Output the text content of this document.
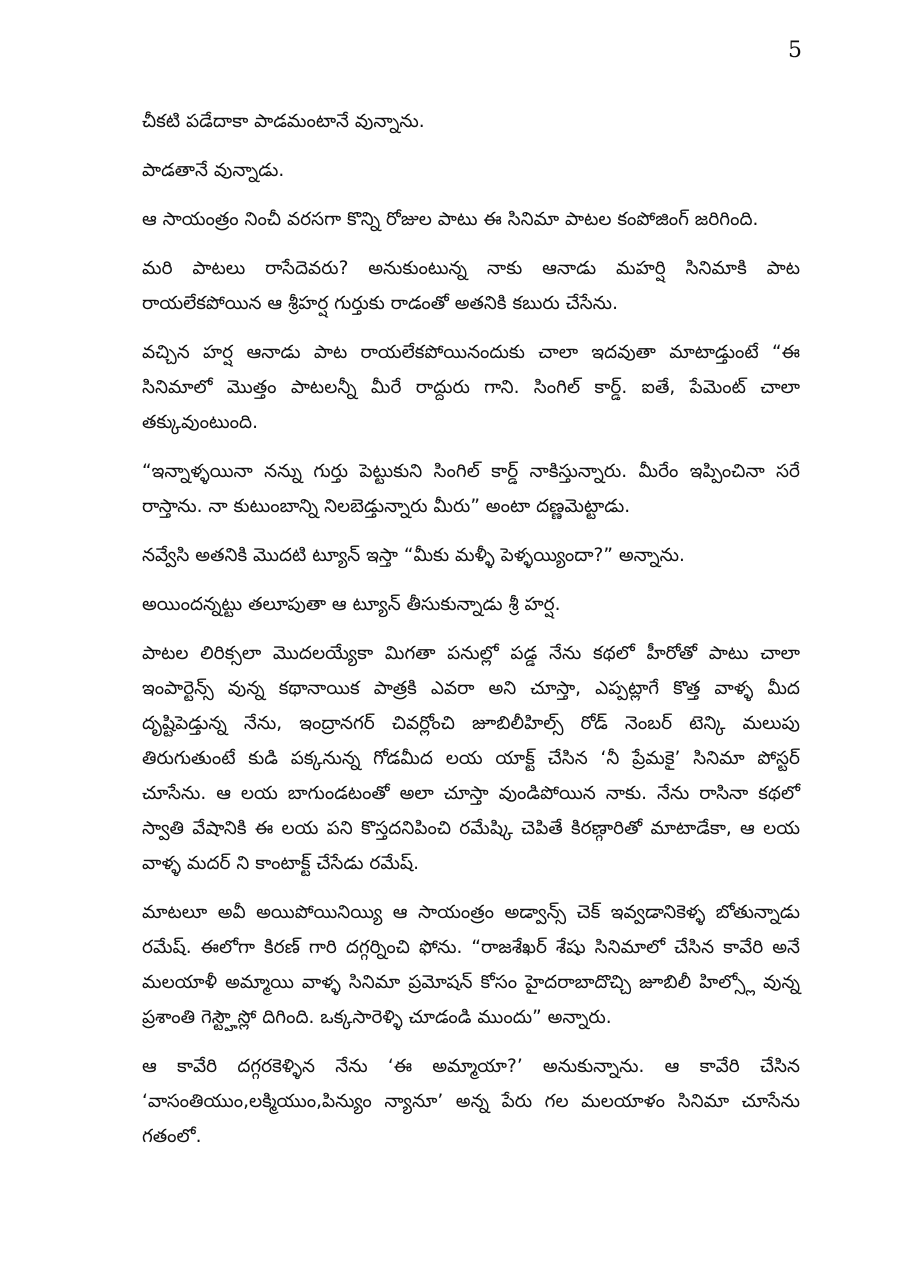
5

చీకటి పడేదాకా పాడమంటానే వున్నాను.

పాడతానే వున్నాడు.

ఆ సాయంత్రం నించీ వరసగా కొన్ని రోజుల పాటు ఈ సినిమా పాటల కంపోజింగ్ జరిగింది.

మరి పాటలు రాసేదెవరు? అనుకుంటున్న నాకు ఆనాడు మహర్షి సినిమాకి పాట రాయలేకపోయిన ఆ శ్రీహర్ష గుర్తుకు రాడంతో అతనికి కబురు చేసేను.

వచ్చిన హర్ష ఆనాడు పాట రాయలేకపోయినందుకు చాలా ఇదవుతా మాటాడ్తుంటే “ఈ సినిమాలో మొత్తం పాటలన్నీ మీరే రాద్దురు గాని. సింగిల్ కార్డ్. ఐతే, పేమెంట్ చాలా తక్కువుంటుంది.

“ఇన్నాళ్ళయినా నన్ను గుర్తు పెట్టుకుని సింగిల్ కార్డ్ నాకిస్తున్నారు. మీరేం ఇప్పించినా సరే రాస్తాను. నా కుటుంబాన్ని నిలబెడ్తున్నారు మీరు” అంటా దణ్ణమెట్టాడు.

నవ్వేసి అతనికి మొదటి ట్యూన్ ఇస్తా “మీకు మళ్ళీ పెళ్ళయ్యిందా?” అన్నాను.

అయిందన్నట్టు తలూపుతా ఆ ట్యూన్ తీసుకున్నాడు శ్రీ హర్ష.

పాటల లిరిక్సలా మొదలయ్యేకా మిగతా పనుల్లో పడ్డ నేను కథలో హీరోతో పాటు చాలా ఇంపార్టెన్స్ వున్న కథానాయిక పాత్రకి ఎవరా అని చూస్తా, ఎప్పట్లాగే కొత్త వాళ్ళ మీద దృష్టిపెడ్తున్న నేను, ఇంద్రానగర్ చివర్లోంచి జూబిలీహిల్స్ రోడ్ నెంబర్ టెన్కి మలుపు తిరుగుతుంటే కుడి పక్కనున్న గోడమీద లయ యాక్ట్ చేసిన ‘నీ ప్రేమకై’ సినిమా పోస్టర్ చూసేను. ఆ లయ బాగుండటంతో అలా చూస్తా వుండిపోయిన నాకు. నేను రాసినా కథలో స్వాతి వేషానికి ఈ లయ పని కొస్తదనిపించి రమేష్కి చెపితే కిరణ్గారితో మాటాడేకా, ఆ లయ వాళ్ళ మదర్ ని కాంటాక్ట్ చేసేడు రమేష్.

మాటలూ అవీ అయిపోయినియ్యి ఆ సాయంత్రం అడ్వాన్స్ చెక్ ఇవ్వడానికెళ్ళ బోతున్నాడు రమేష్. ఈలోగా కిరణ్ గారి దగ్గర్నించి ఫోను. “రాజశేఖర్ శేషు సినిమాలో చేసిన కావేరి అనే మలయాళీ అమ్మాయి వాళ్ళ సినిమా ప్రమోషన్ కోసం హైదరాబాదొచ్చి జూబిలీ హిల్స్లో వున్న ప్రశాంతి గెస్ట్హౌస్లో దిగింది. ఒక్కసారెళ్ళి చూడండి ముందు” అన్నారు.

ఆ కావేరి దగ్గరకెళ్ళిన నేను ‘ఈ అమ్మాయా?’ అనుకున్నాను. ఆ కావేరి చేసిన ‘వాసంతియుం,లక్మియుం,పిన్యుం న్యానూ’ అన్న పేరు గల మలయాళం సినిమా చూసేను గతంలో.
